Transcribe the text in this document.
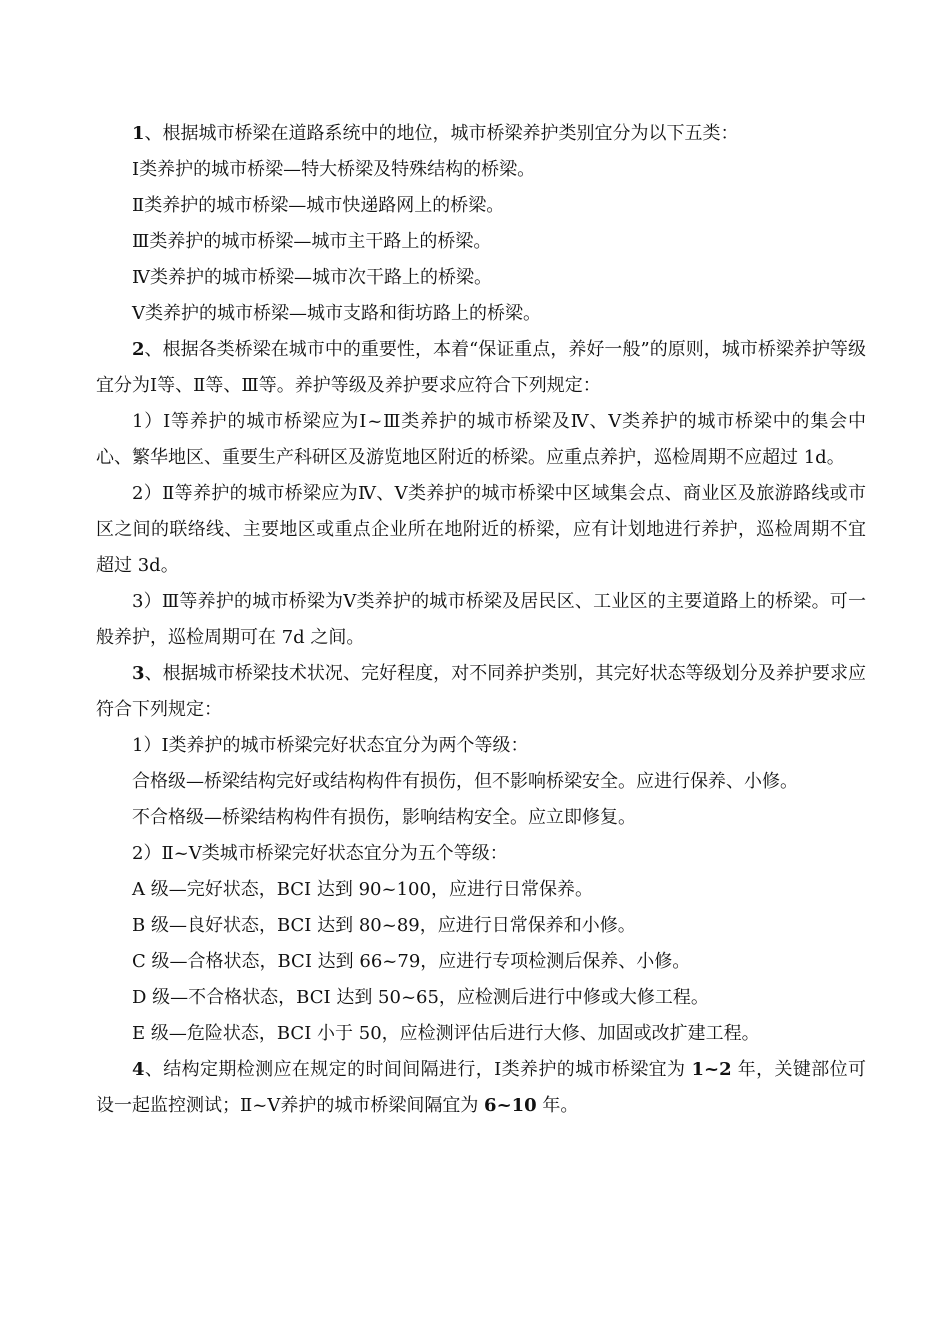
1、根据城市桥梁在道路系统中的地位，城市桥梁养护类别宜分为以下五类：

Ⅰ类养护的城市桥梁—特大桥梁及特殊结构的桥梁。

Ⅱ类养护的城市桥梁—城市快递路网上的桥梁。

Ⅲ类养护的城市桥梁—城市主干路上的桥梁。

Ⅳ类养护的城市桥梁—城市次干路上的桥梁。

Ⅴ类养护的城市桥梁—城市支路和街坊路上的桥梁。

2、根据各类桥梁在城市中的重要性，本着“保证重点，养好一般”的原则，城市桥梁养护等级宜分为Ⅰ等、Ⅱ等、Ⅲ等。养护等级及养护要求应符合下列规定：

1）Ⅰ等养护的城市桥梁应为Ⅰ~Ⅲ类养护的城市桥梁及Ⅳ、Ⅴ类养护的城市桥梁中的集会中心、繁华地区、重要生产科研区及游览地区附近的桥梁。应重点养护，巡检周期不应超过 1d。

2）Ⅱ等养护的城市桥梁应为Ⅳ、Ⅴ类养护的城市桥梁中区域集会点、商业区及旅游路线或市区之间的联络线、主要地区或重点企业所在地附近的桥梁，应有计划地进行养护，巡检周期不宜超过 3d。

3）Ⅲ等养护的城市桥梁为Ⅴ类养护的城市桥梁及居民区、工业区的主要道路上的桥梁。可一般养护，巡检周期可在 7d 之间。

3、根据城市桥梁技术状况、完好程度，对不同养护类别，其完好状态等级划分及养护要求应符合下列规定：

1）Ⅰ类养护的城市桥梁完好状态宜分为两个等级：

合格级—桥梁结构完好或结构构件有损伤，但不影响桥梁安全。应进行保养、小修。

不合格级—桥梁结构构件有损伤，影响结构安全。应立即修复。

2）Ⅱ~Ⅴ类城市桥梁完好状态宜分为五个等级：

A 级—完好状态，BCI 达到 90~100，应进行日常保养。

B 级—良好状态，BCI 达到 80~89，应进行日常保养和小修。

C 级—合格状态，BCI 达到 66~79，应进行专项检测后保养、小修。

D 级—不合格状态，BCI 达到 50~65，应检测后进行中修或大修工程。

E 级—危险状态，BCI 小于 50，应检测评估后进行大修、加固或改扩建工程。

4、结构定期检测应在规定的时间间隔进行，Ⅰ类养护的城市桥梁宜为 1~2 年，关键部位可设一起监控测试；Ⅱ~Ⅴ养护的城市桥梁间隔宜为 6~10 年。
